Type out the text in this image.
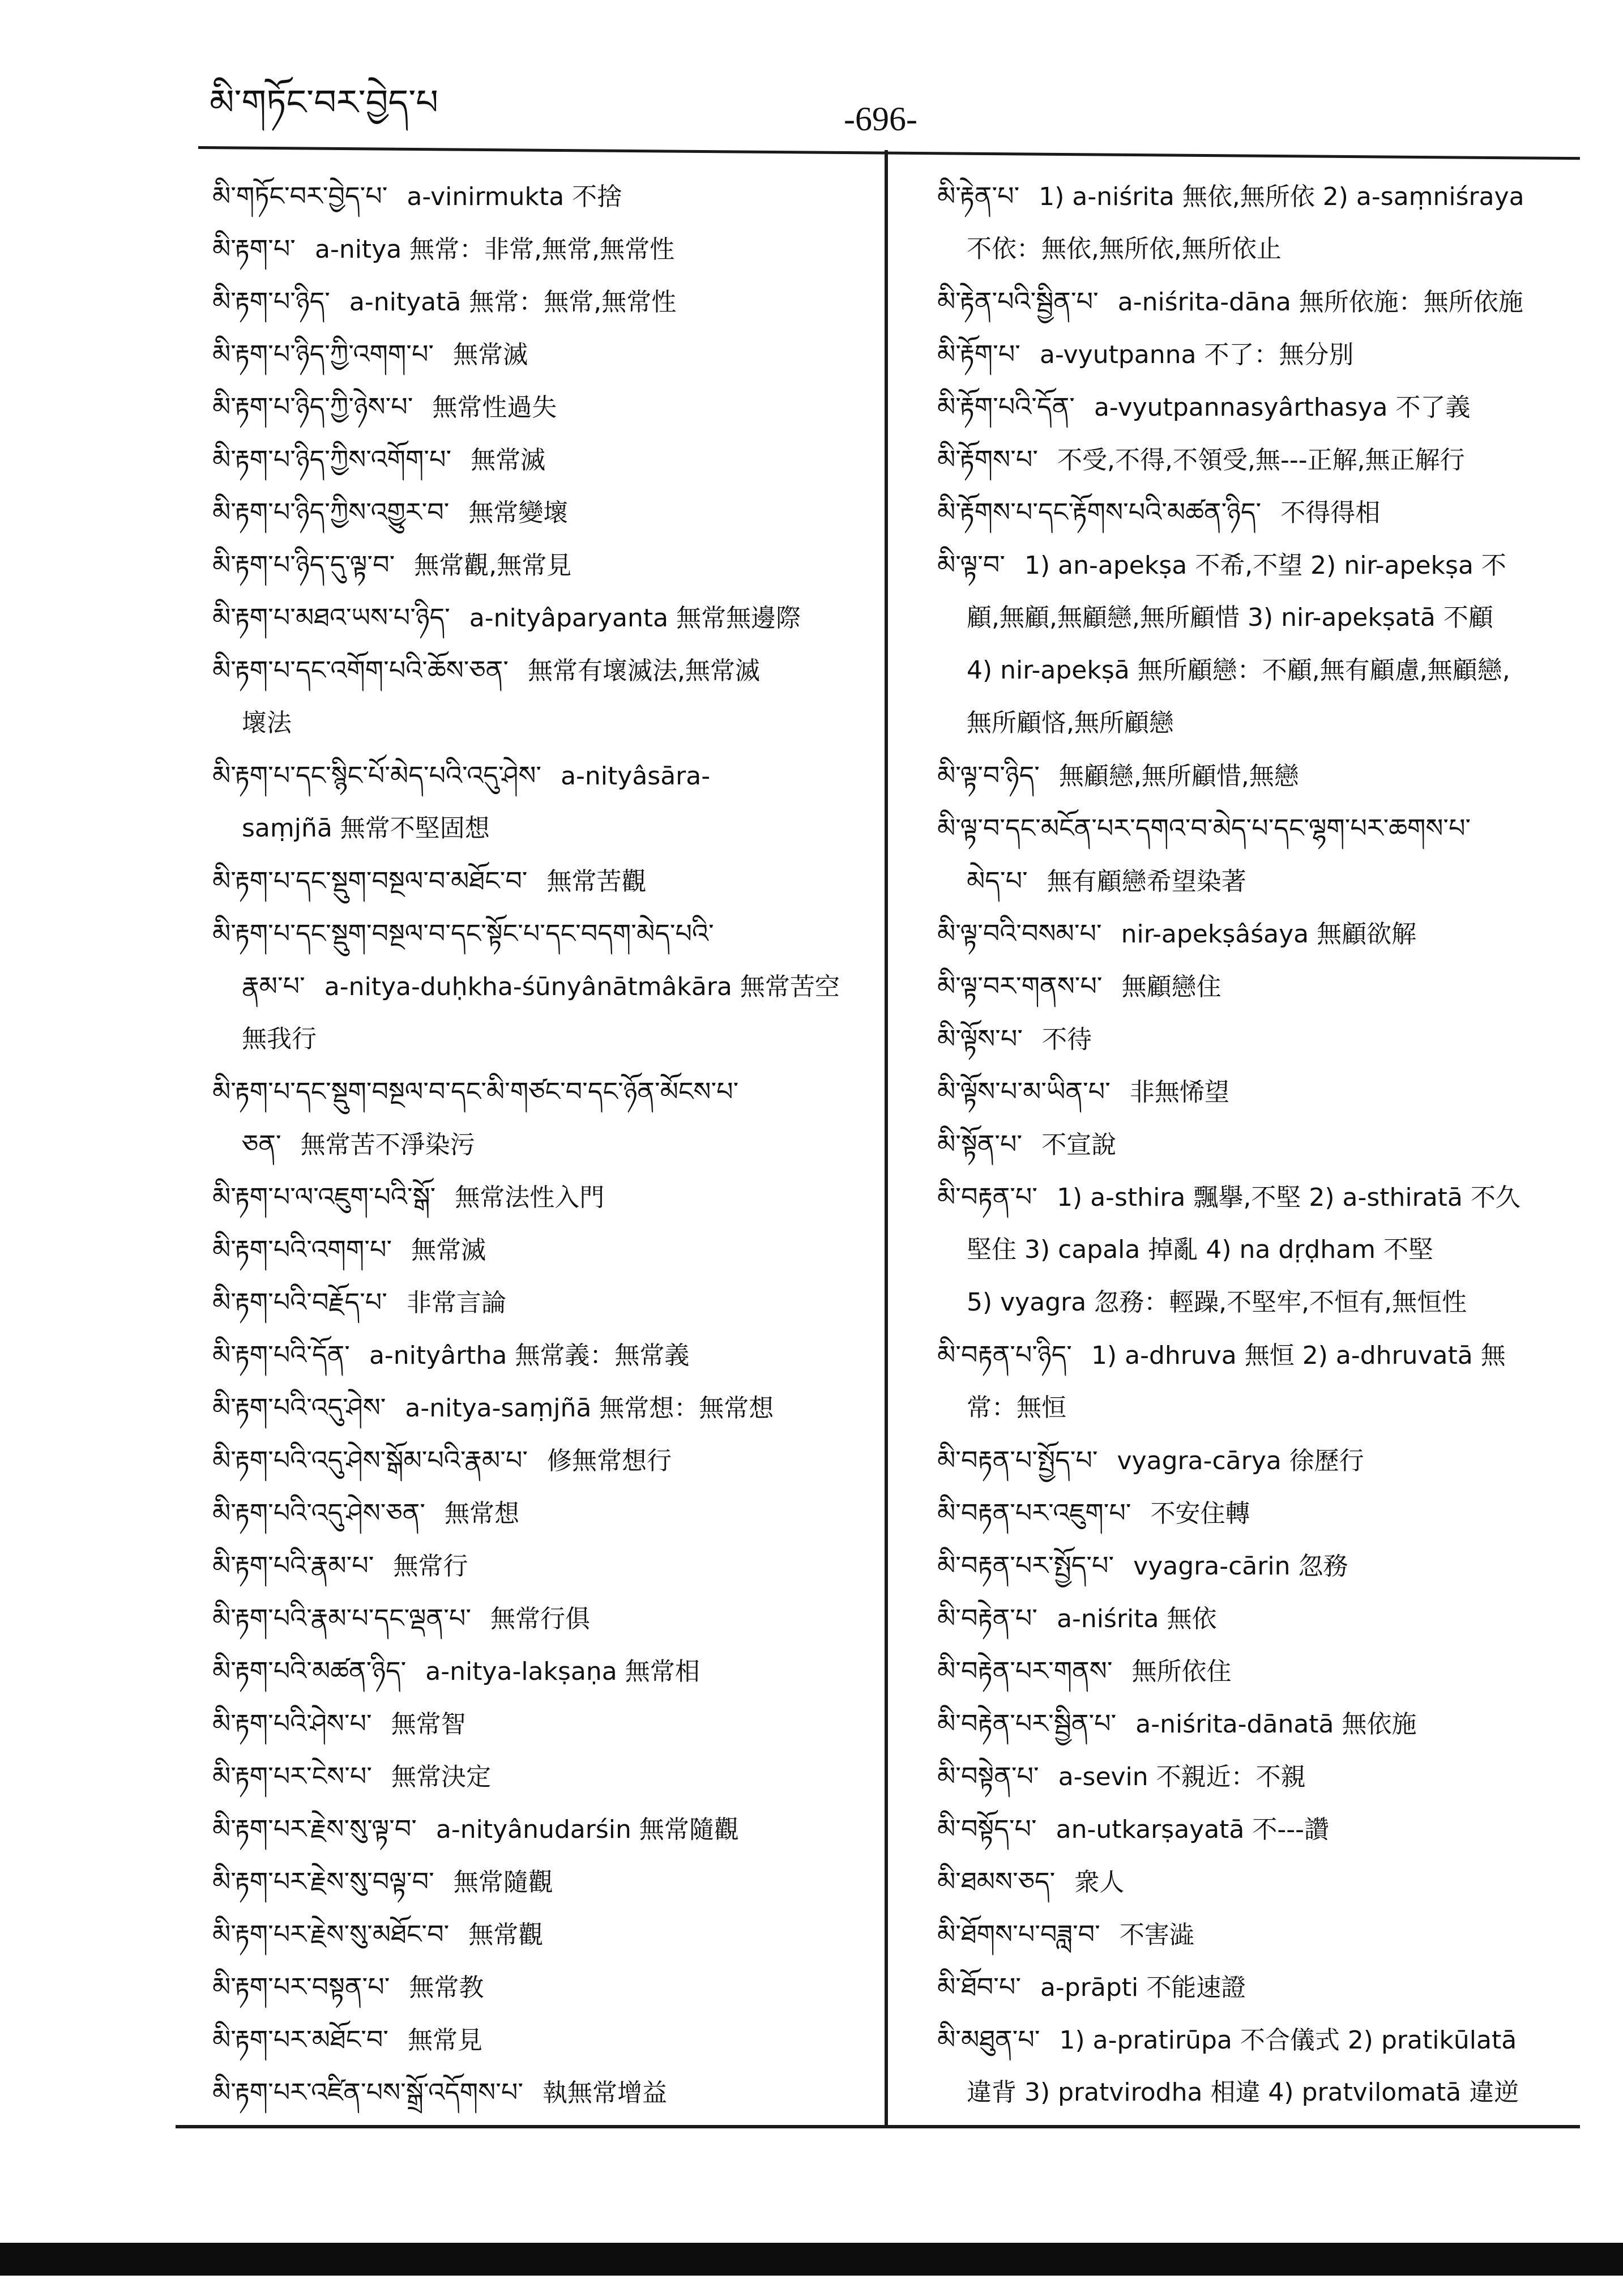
མི་གཏོང་བར་བྱེད་པ	-696-
མི་གཏོང་བར་བྱེད་པ་ a-vinirmukta 不捨
མི་རྟག་པ་ a-nitya 無常：非常,無常,無常性
མི་རྟག་པ་ཉིད་ a-nityatā 無常：無常,無常性
མི་རྟག་པ་ཉིད་ཀྱི་འགག་པ་ 無常滅
མི་རྟག་པ་ཉིད་ཀྱི་ཉེས་པ་ 無常性過失
མི་རྟག་པ་ཉིད་ཀྱིས་འགོག་པ་ 無常滅
མི་རྟག་པ་ཉིད་ཀྱིས་འགྱུར་བ་ 無常變壞
མི་རྟག་པ་ཉིད་དུ་ལྟ་བ་ 無常觀,無常見
མི་རྟག་པ་མཐའ་ཡས་པ་ཉིད་ a-nityâparyanta 無常無邊際
མི་རྟག་པ་དང་འགོག་པའི་ཆོས་ཅན་ 無常有壞滅法,無常滅
壞法
མི་རྟག་པ་དང་སྙིང་པོ་མེད་པའི་འདུ་ཤེས་ a-nityâsāra-
saṃjñā 無常不堅固想
མི་རྟག་པ་དང་སྡུག་བསྔལ་བ་མཐོང་བ་ 無常苦觀
མི་རྟག་པ་དང་སྡུག་བསྔལ་བ་དང་སྟོང་པ་དང་བདག་མེད་པའི་
རྣམ་པ་ a-nitya-duḥkha-śūnyânātmâkāra 無常苦空
無我行
མི་རྟག་པ་དང་སྡུག་བསྔལ་བ་དང་མི་གཙང་བ་དང་ཉོན་མོངས་པ་
ཅན་ 無常苦不淨染污
མི་རྟག་པ་ལ་འཇུག་པའི་སྒོ་ 無常法性入門
མི་རྟག་པའི་འགག་པ་ 無常滅
མི་རྟག་པའི་བརྗོད་པ་ 非常言論
མི་རྟག་པའི་དོན་ a-nityârtha 無常義：無常義
མི་རྟག་པའི་འདུ་ཤེས་ a-nitya-saṃjñā 無常想：無常想
མི་རྟག་པའི་འདུ་ཤེས་སྒོམ་པའི་རྣམ་པ་ 修無常想行
མི་རྟག་པའི་འདུ་ཤེས་ཅན་ 無常想
མི་རྟག་པའི་རྣམ་པ་ 無常行
མི་རྟག་པའི་རྣམ་པ་དང་ལྡན་པ་ 無常行俱
མི་རྟག་པའི་མཚན་ཉིད་ a-nitya-lakṣaṇa 無常相
མི་རྟག་པའི་ཤེས་པ་ 無常智
མི་རྟག་པར་ངེས་པ་ 無常決定
མི་རྟག་པར་རྗེས་སུ་ལྟ་བ་ a-nityânudarśin 無常隨觀
མི་རྟག་པར་རྗེས་སུ་བལྟ་བ་ 無常隨觀
མི་རྟག་པར་རྗེས་སུ་མཐོང་བ་ 無常觀
མི་རྟག་པར་བསྟན་པ་ 無常教
མི་རྟག་པར་མཐོང་བ་ 無常見
མི་རྟག་པར་འཛིན་པས་སྒྲོ་འདོགས་པ་ 執無常增益
མི་རྟེན་པ་ 1) a-niśrita 無依,無所依 2) a-saṃniśraya
不依：無依,無所依,無所依止
མི་རྟེན་པའི་སྦྱིན་པ་ a-niśrita-dāna 無所依施：無所依施
མི་རྟོག་པ་ a-vyutpanna 不了：無分別
མི་རྟོག་པའི་དོན་ a-vyutpannasyârthasya 不了義
མི་རྟོགས་པ་ 不受,不得,不領受,無---正解,無正解行
མི་རྟོགས་པ་དང་རྟོགས་པའི་མཚན་ཉིད་ 不得得相
མི་ལྟ་བ་ 1) an-apekṣa 不希,不望 2) nir-apekṣa 不
顧,無顧,無顧戀,無所顧惜 3) nir-apekṣatā 不顧
4) nir-apekṣā 無所顧戀：不顧,無有顧慮,無顧戀,
無所顧悋,無所顧戀
མི་ལྟ་བ་ཉིད་ 無顧戀,無所顧惜,無戀
མི་ལྟ་བ་དང་མངོན་པར་དགའ་བ་མེད་པ་དང་ལྷག་པར་ཆགས་པ་
མེད་པ་ 無有顧戀希望染著
མི་ལྟ་བའི་བསམ་པ་ nir-apekṣâśaya 無顧欲解
མི་ལྟ་བར་གནས་པ་ 無顧戀住
མི་ལྟོས་པ་ 不待
མི་ལྟོས་པ་མ་ཡིན་པ་ 非無悕望
མི་སྟོན་པ་ 不宣說
མི་བརྟན་པ་ 1) a-sthira 飄擧,不堅 2) a-sthiratā 不久
堅住 3) capala 掉亂 4) na dṛḍham 不堅
5) vyagra 忽務：輕躁,不堅牢,不恒有,無恒性
མི་བརྟན་པ་ཉིད་ 1) a-dhruva 無恒 2) a-dhruvatā 無
常：無恒
མི་བརྟན་པ་སྤྱོད་པ་ vyagra-cārya 徐歷行
མི་བརྟན་པར་འཇུག་པ་ 不安住轉
མི་བརྟན་པར་སྤྱོད་པ་ vyagra-cārin 忽務
མི་བརྟེན་པ་ a-niśrita 無依
མི་བརྟེན་པར་གནས་ 無所依住
མི་བརྟེན་པར་སྦྱིན་པ་ a-niśrita-dānatā 無依施
མི་བསྟེན་པ་ a-sevin 不親近：不親
མི་བསྟོད་པ་ an-utkarṣayatā 不---讚
མི་ཐམས་ཅད་ 衆人
མི་ཐོགས་པ་བཟླ་བ་ 不害澁
མི་ཐོབ་པ་ a-prāpti 不能速證
མི་མཐུན་པ་ 1) a-pratirūpa 不合儀式 2) pratikūlatā
違背 3) pratvirodha 相違 4) pratvilomatā 違逆
